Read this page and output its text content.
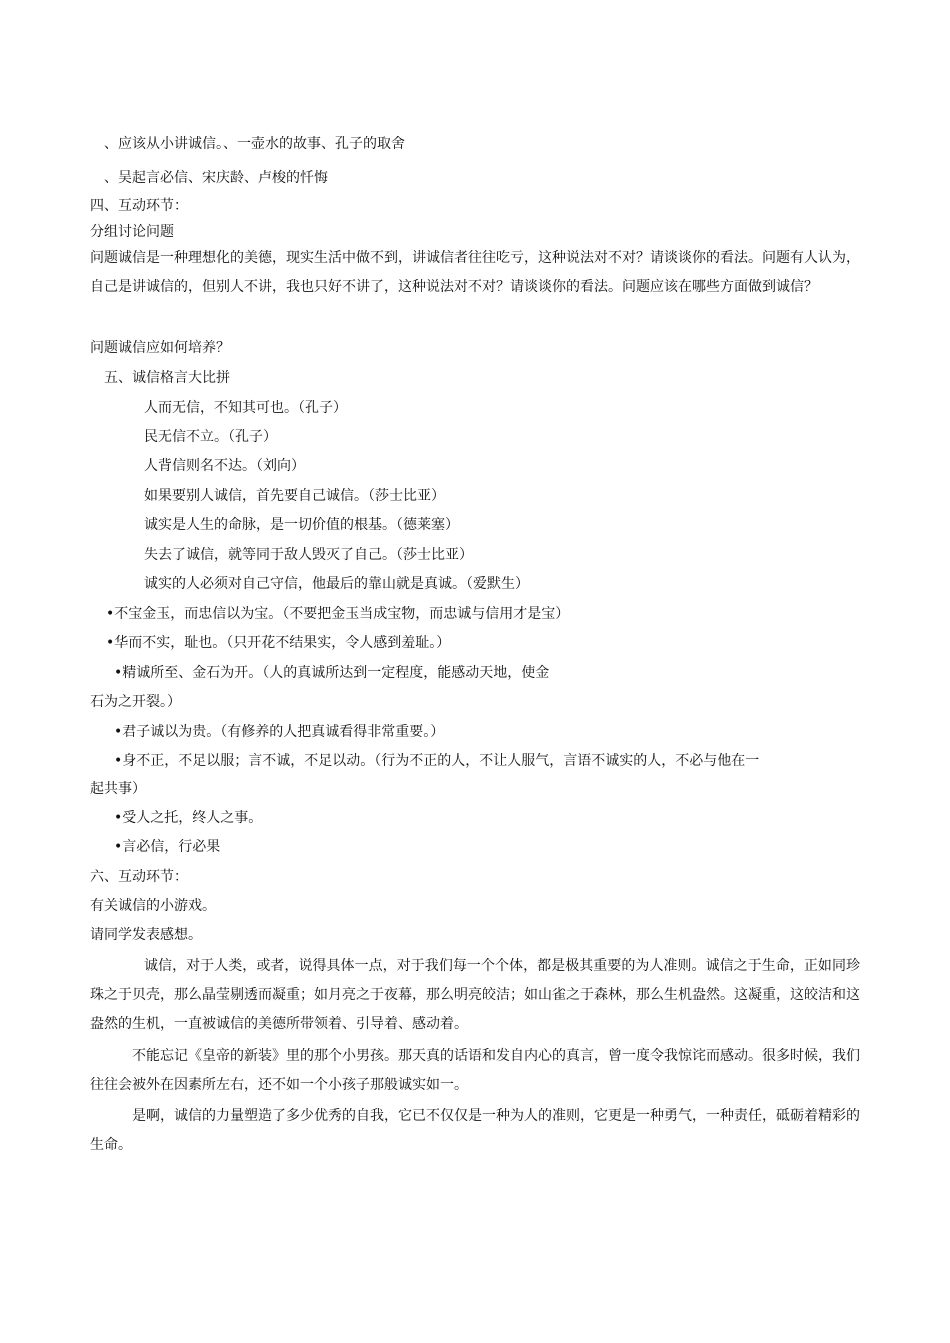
、应该从小讲诚信。、一壶水的故事、孔子的取舍
、吴起言必信、宋庆龄、卢梭的忏悔
四、互动环节：
分组讨论问题
问题诚信是一种理想化的美德，现实生活中做不到，讲诚信者往往吃亏，这种说法对不对？请谈谈你的看法。问题有人认为，自己是讲诚信的，但别人不讲，我也只好不讲了，这种说法对不对？请谈谈你的看法。问题应该在哪些方面做到诚信？
问题诚信应如何培养？
五、诚信格言大比拼
人而无信，不知其可也。（孔子）
民无信不立。（孔子）
人背信则名不达。（刘向）
如果要别人诚信，首先要自己诚信。（莎士比亚）
诚实是人生的命脉，是一切价值的根基。（德莱塞）
失去了诚信，就等同于敌人毁灭了自己。（莎士比亚）
诚实的人必须对自己守信，他最后的靠山就是真诚。（爱默生）
•不宝金玉，而忠信以为宝。（不要把金玉当成宝物，而忠诚与信用才是宝）
•华而不实，耻也。（只开花不结果实，令人感到羞耻。）
•精诚所至、金石为开。（人的真诚所达到一定程度，能感动天地，使金
石为之开裂。）
•君子诚以为贵。（有修养的人把真诚看得非常重要。）
•身不正，不足以服；言不诚，不足以动。（行为不正的人，不让人服气，言语不诚实的人，不必与他在一
起共事）
•受人之托，终人之事。
•言必信，行必果
六、互动环节：
有关诚信的小游戏。
请同学发表感想。
诚信，对于人类，或者，说得具体一点，对于我们每一个个体，都是极其重要的为人准则。诚信之于生命，正如同珍珠之于贝壳，那么晶莹剔透而凝重；如月亮之于夜幕，那么明亮皎洁；如山雀之于森林，那么生机盎然。这凝重，这皎洁和这盎然的生机，一直被诚信的美德所带领着、引导着、感动着。
不能忘记《皇帝的新装》里的那个小男孩。那天真的话语和发自内心的真言，曾一度令我惊诧而感动。很多时候，我们往往会被外在因素所左右，还不如一个小孩子那般诚实如一。
是啊，诚信的力量塑造了多少优秀的自我，它已不仅仅是一种为人的准则，它更是一种勇气，一种责任，砥砺着精彩的生命。
